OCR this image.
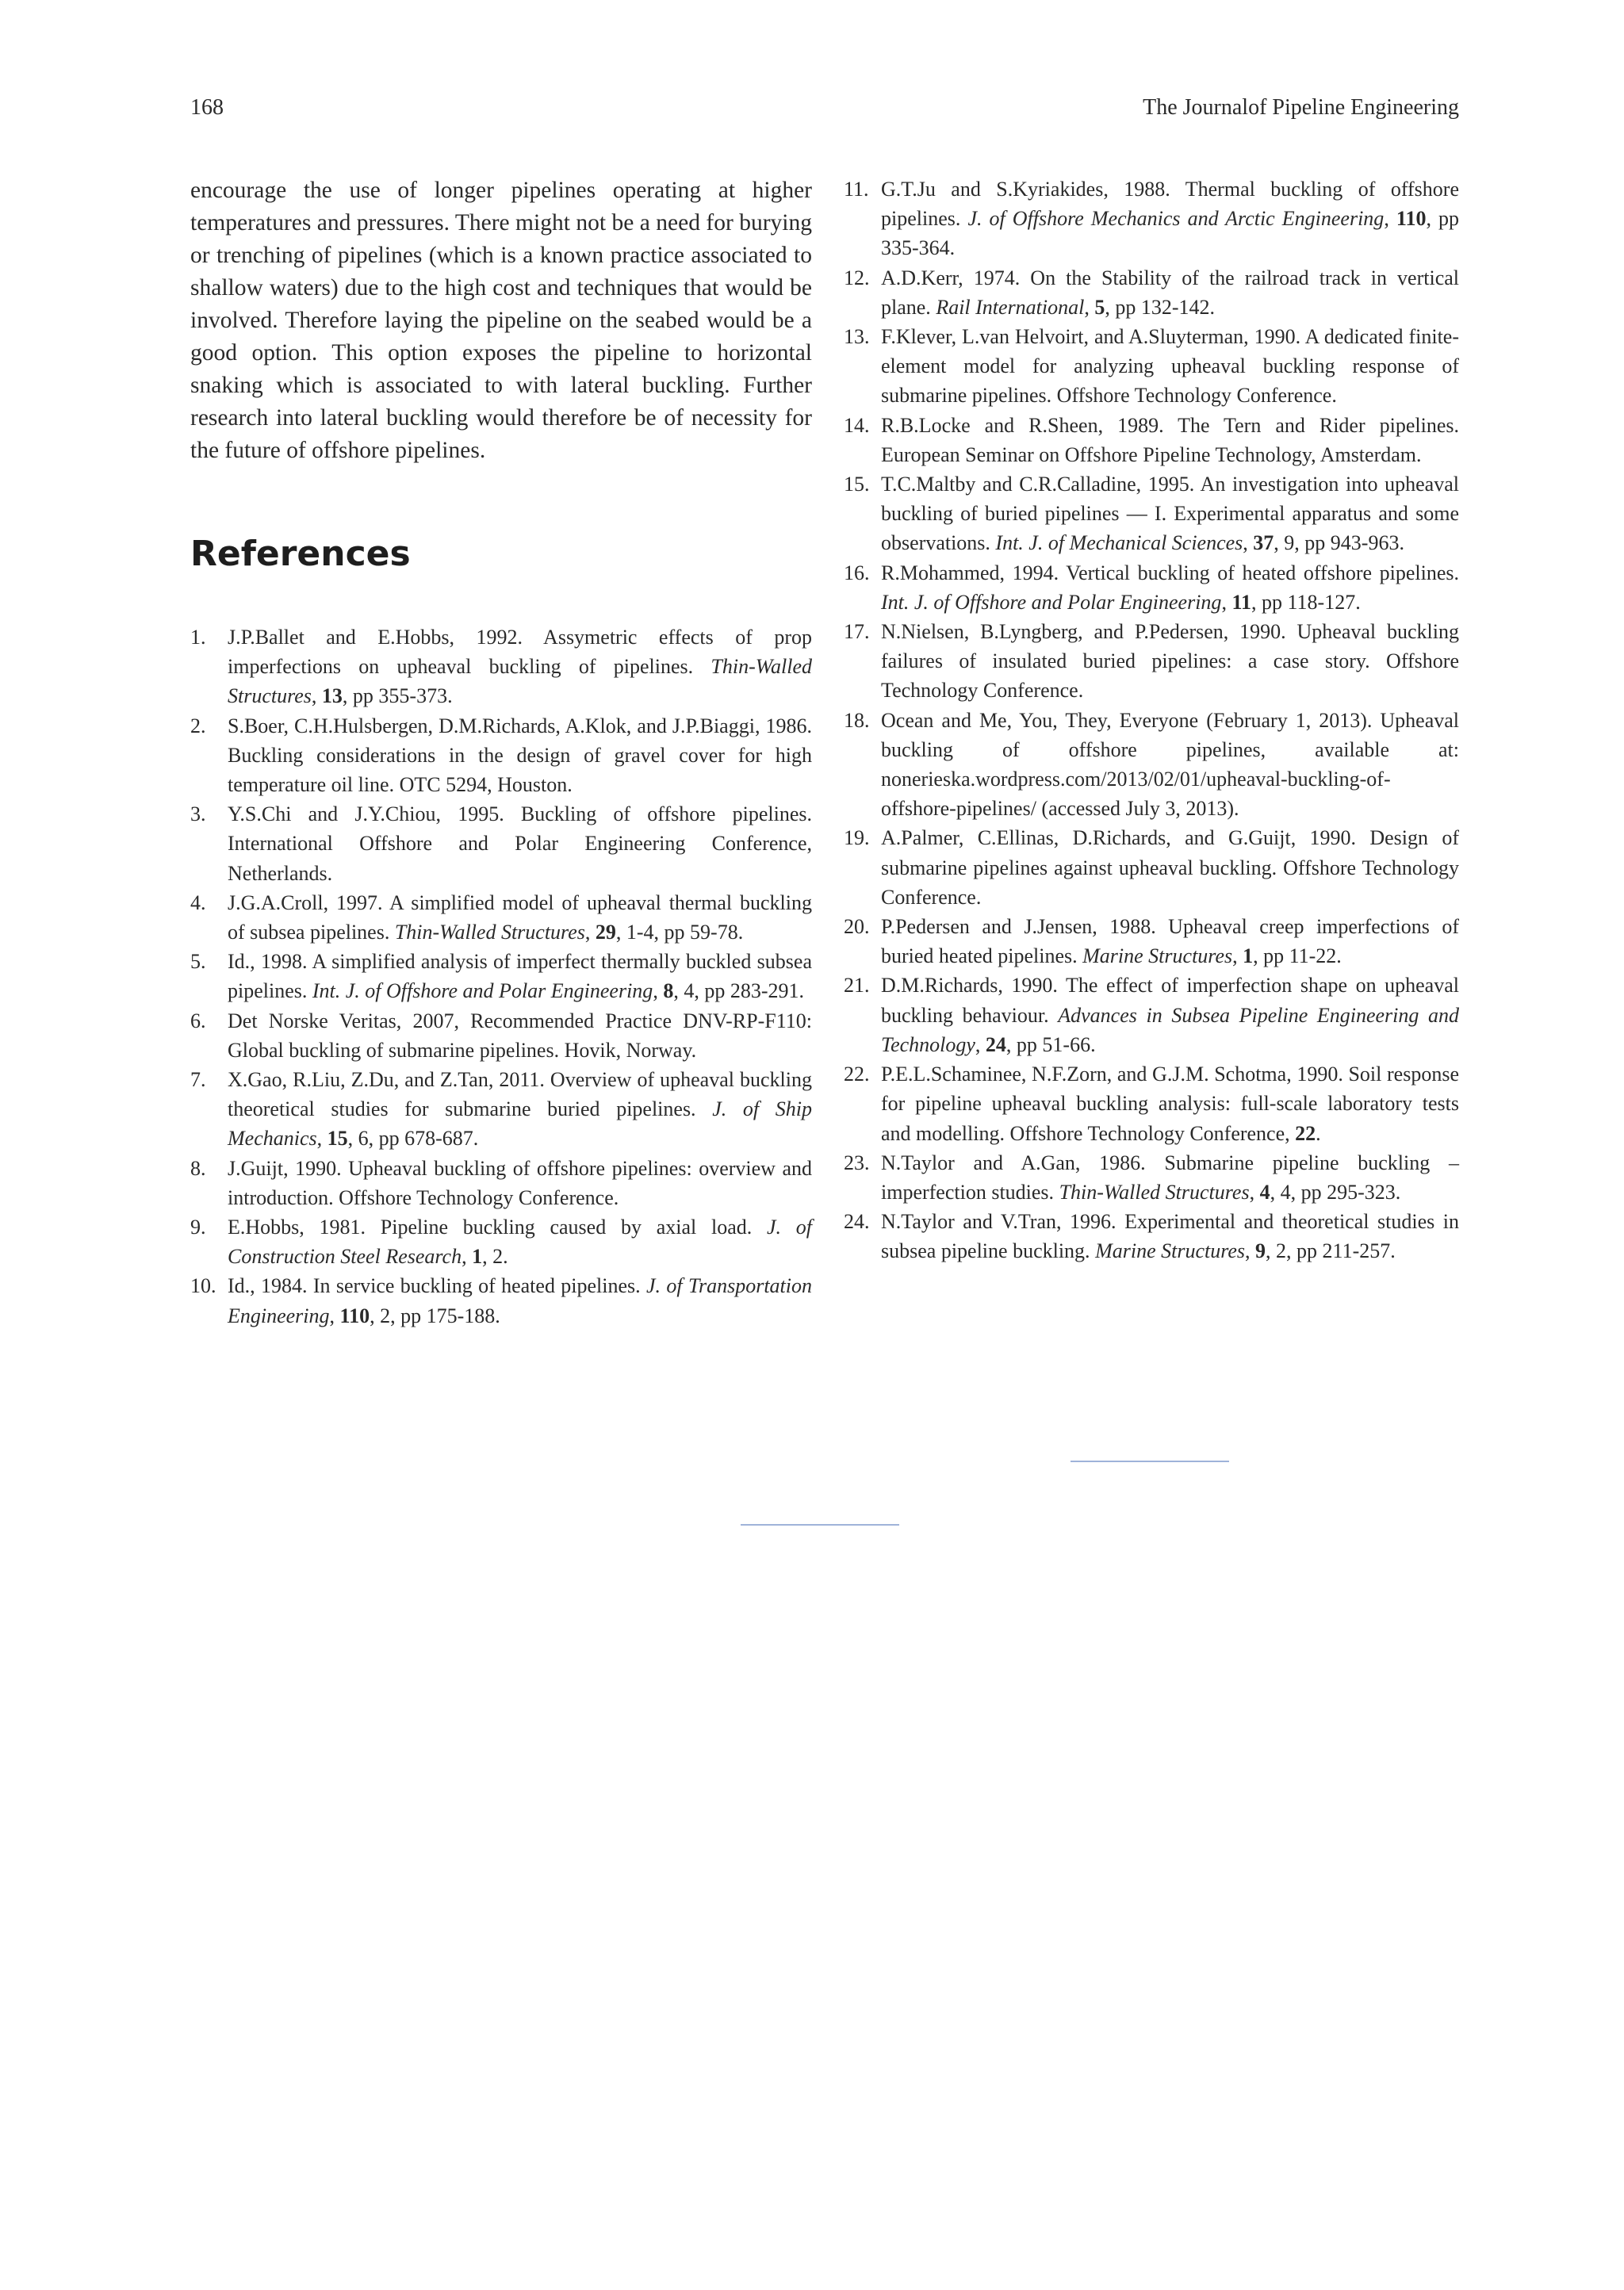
168	The Journalof Pipeline Engineering

encourage the use of longer pipelines operating at higher temperatures and pressures. There might not be a need for burying or trenching of pipelines (which is a known practice associated to shallow waters) due to the high cost and techniques that would be involved. Therefore laying the pipeline on the seabed would be a good option. This option exposes the pipeline to horizontal snaking which is associated to with lateral buckling. Further research into lateral buckling would therefore be of necessity for the future of offshore pipelines.

References
1. J.P.Ballet and E.Hobbs, 1992. Assymetric effects of prop imperfections on upheaval buckling of pipelines. Thin-Walled Structures, 13, pp 355-373.
2. S.Boer, C.H.Hulsbergen, D.M.Richards, A.Klok, and J.P.Biaggi, 1986. Buckling considerations in the design of gravel cover for high temperature oil line. OTC 5294, Houston.
3. Y.S.Chi and J.Y.Chiou, 1995. Buckling of offshore pipelines. International Offshore and Polar Engineering Conference, Netherlands.
4. J.G.A.Croll, 1997. A simplified model of upheaval thermal buckling of subsea pipelines. Thin-Walled Structures, 29, 1-4, pp 59-78.
5. Id., 1998. A simplified analysis of imperfect thermally buckled subsea pipelines. Int. J. of Offshore and Polar Engineering, 8, 4, pp 283-291.
6. Det Norske Veritas, 2007, Recommended Practice DNV-RP-F110: Global buckling of submarine pipelines. Hovik, Norway.
7. X.Gao, R.Liu, Z.Du, and Z.Tan, 2011. Overview of upheaval buckling theoretical studies for submarine buried pipelines. J. of Ship Mechanics, 15, 6, pp 678-687.
8. J.Guijt, 1990. Upheaval buckling of offshore pipelines: overview and introduction. Offshore Technology Conference.
9. E.Hobbs, 1981. Pipeline buckling caused by axial load. J. of Construction Steel Research, 1, 2.
10. Id., 1984. In service buckling of heated pipelines. J. of Transportation Engineering, 110, 2, pp 175-188.
11. G.T.Ju and S.Kyriakides, 1988. Thermal buckling of offshore pipelines. J. of Offshore Mechanics and Arctic Engineering, 110, pp 335-364.
12. A.D.Kerr, 1974. On the Stability of the railroad track in vertical plane. Rail International, 5, pp 132-142.
13. F.Klever, L.van Helvoirt, and A.Sluyterman, 1990. A dedicated finite-element model for analyzing upheaval buckling response of submarine pipelines. Offshore Technology Conference.
14. R.B.Locke and R.Sheen, 1989. The Tern and Rider pipelines. European Seminar on Offshore Pipeline Technology, Amsterdam.
15. T.C.Maltby and C.R.Calladine, 1995. An investigation into upheaval buckling of buried pipelines — I. Experimental apparatus and some observations. Int. J. of Mechanical Sciences, 37, 9, pp 943-963.
16. R.Mohammed, 1994. Vertical buckling of heated offshore pipelines. Int. J. of Offshore and Polar Engineering, 11, pp 118-127.
17. N.Nielsen, B.Lyngberg, and P.Pedersen, 1990. Upheaval buckling failures of insulated buried pipelines: a case story. Offshore Technology Conference.
18. Ocean and Me, You, They, Everyone (February 1, 2013). Upheaval buckling of offshore pipelines, available at: nonerieska.wordpress.com/2013/02/01/upheaval-buckling-of-offshore-pipelines/ (accessed July 3, 2013).
19. A.Palmer, C.Ellinas, D.Richards, and G.Guijt, 1990. Design of submarine pipelines against upheaval buckling. Offshore Technology Conference.
20. P.Pedersen and J.Jensen, 1988. Upheaval creep imperfections of buried heated pipelines. Marine Structures, 1, pp 11-22.
21. D.M.Richards, 1990. The effect of imperfection shape on upheaval buckling behaviour. Advances in Subsea Pipeline Engineering and Technology, 24, pp 51-66.
22. P.E.L.Schaminee, N.F.Zorn, and G.J.M. Schotma, 1990. Soil response for pipeline upheaval buckling analysis: full-scale laboratory tests and modelling. Offshore Technology Conference, 22.
23. N.Taylor and A.Gan, 1986. Submarine pipeline buckling – imperfection studies. Thin-Walled Structures, 4, 4, pp 295-323.
24. N.Taylor and V.Tran, 1996. Experimental and theoretical studies in subsea pipeline buckling. Marine Structures, 9, 2, pp 211-257.
